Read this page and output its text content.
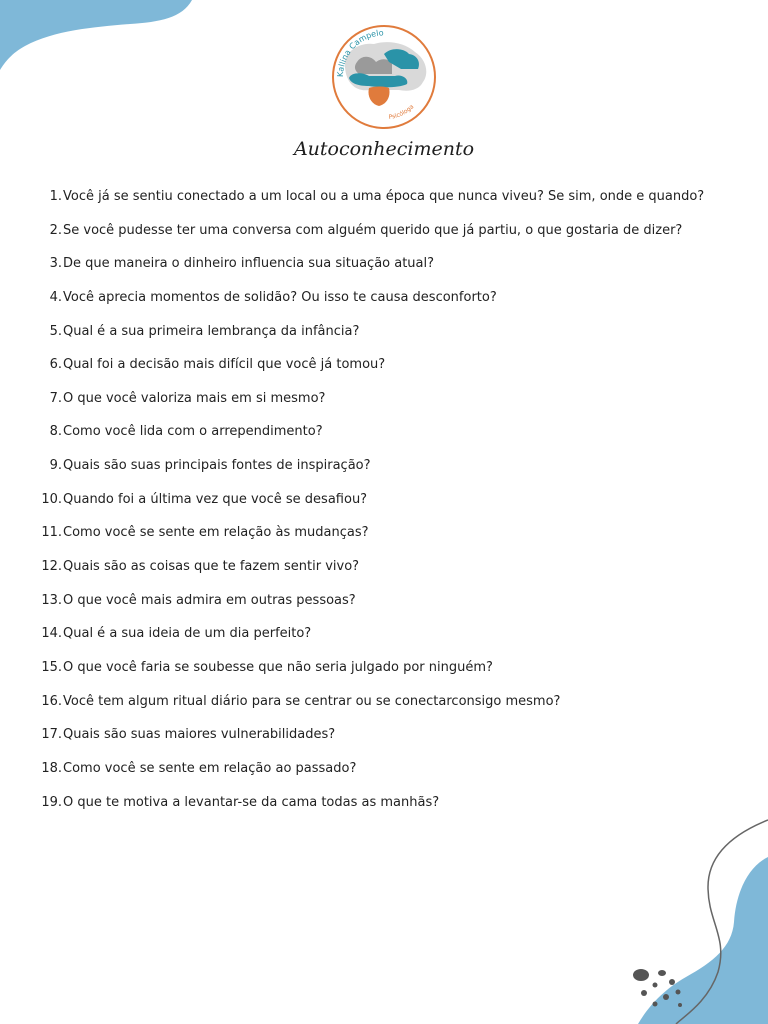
Kallina Campelo
Psicóloga
Autoconhecimento
1. Você já se sentiu conectado a um local ou a uma época que nunca viveu? Se sim, onde e quando?
2. Se você pudesse ter uma conversa com alguém querido que já partiu, o que gostaria de dizer?
3. De que maneira o dinheiro influencia sua situação atual?
4. Você aprecia momentos de solidão? Ou isso te causa desconforto?
5. Qual é a sua primeira lembrança da infância?
6. Qual foi a decisão mais difícil que você já tomou?
7. O que você valoriza mais em si mesmo?
8. Como você lida com o arrependimento?
9. Quais são suas principais fontes de inspiração?
10. Quando foi a última vez que você se desafiou?
11. Como você se sente em relação às mudanças?
12. Quais são as coisas que te fazem sentir vivo?
13. O que você mais admira em outras pessoas?
14. Qual é a sua ideia de um dia perfeito?
15. O que você faria se soubesse que não seria julgado por ninguém?
16. Você tem algum ritual diário para se centrar ou se conectarconsigo mesmo?
17. Quais são suas maiores vulnerabilidades?
18. Como você se sente em relação ao passado?
19. O que te motiva a levantar-se da cama todas as manhãs?
